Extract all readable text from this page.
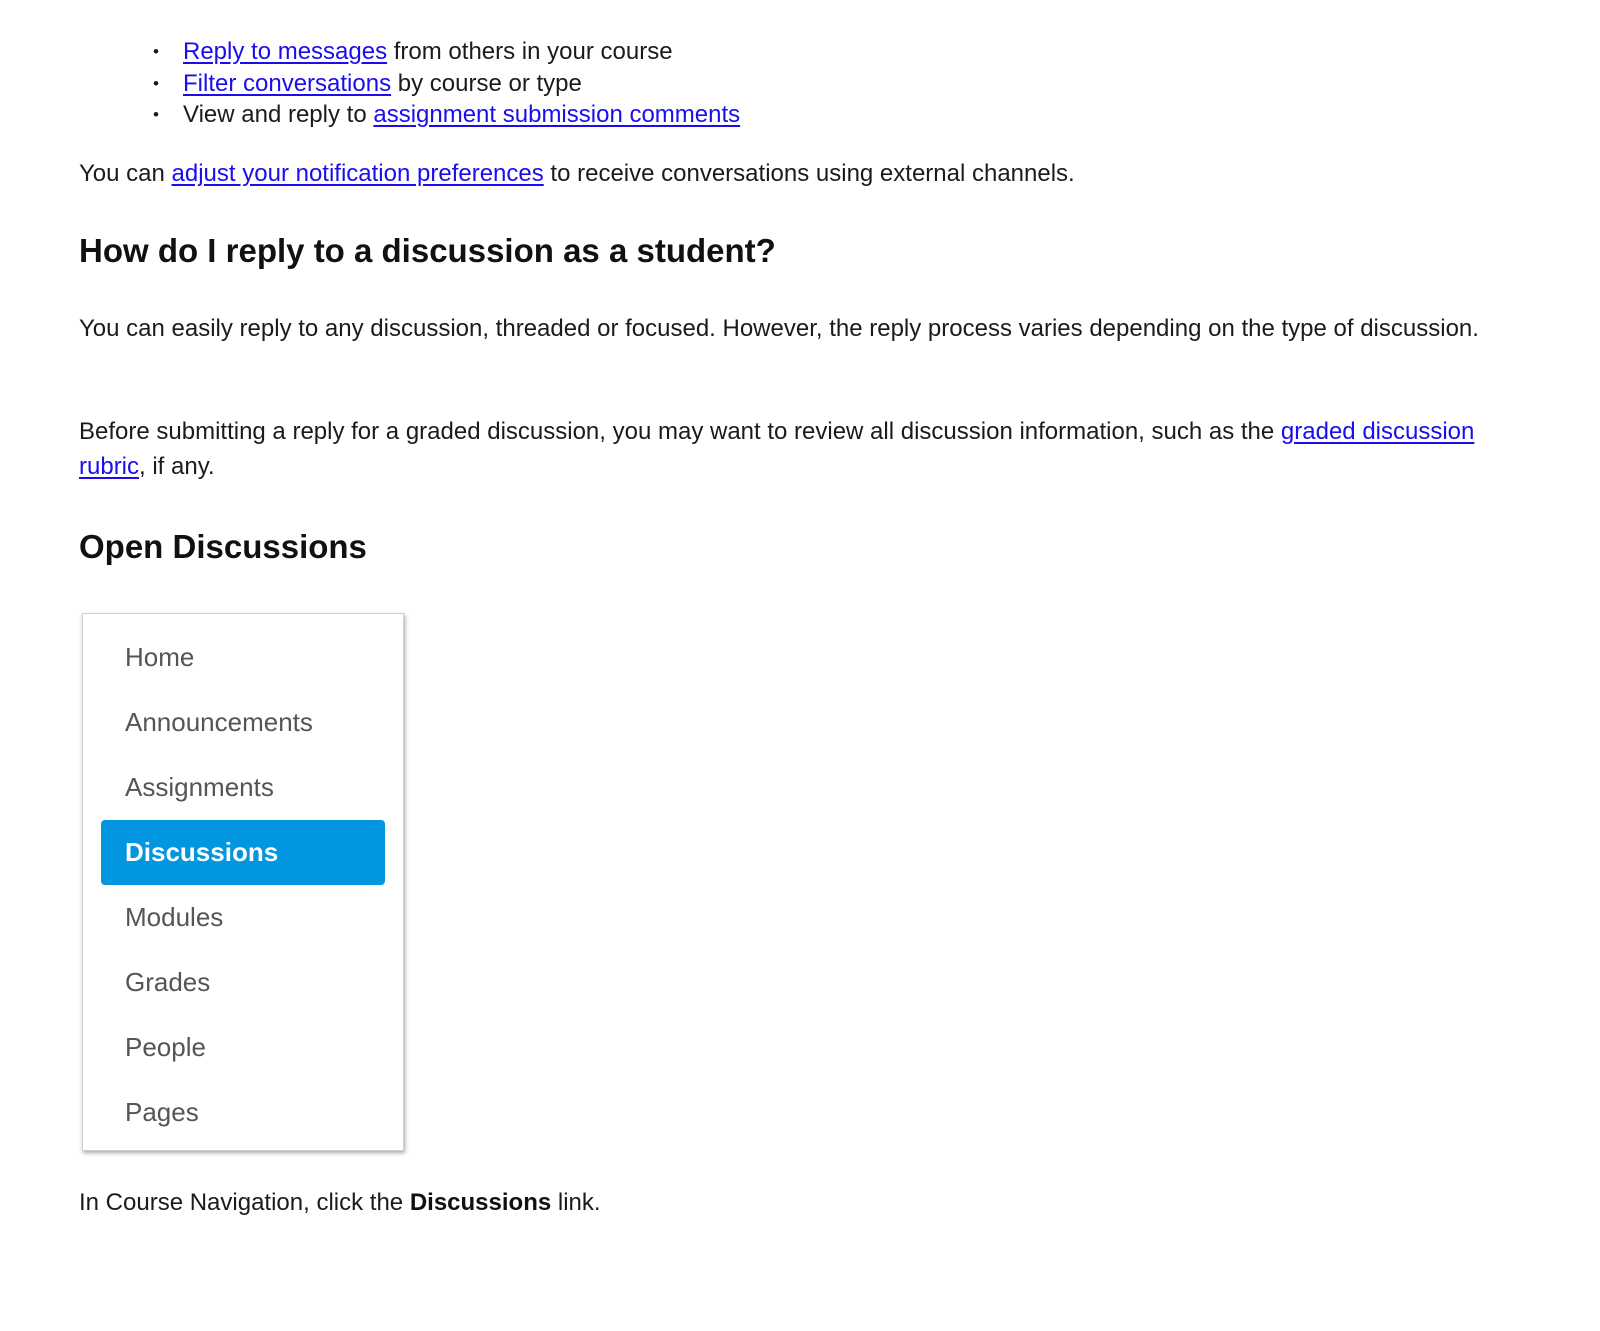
• Reply to messages from others in your course
• Filter conversations by course or type
• View and reply to assignment submission comments

You can adjust your notification preferences to receive conversations using external channels.

How do I reply to a discussion as a student?

You can easily reply to any discussion, threaded or focused. However, the reply process varies depending on the type of discussion.

Before submitting a reply for a graded discussion, you may want to review all discussion information, such as the graded discussion rubric, if any.

Open Discussions
Home
Announcements
Assignments
Discussions
Modules
Grades
People
Pages

In Course Navigation, click the Discussions link.
